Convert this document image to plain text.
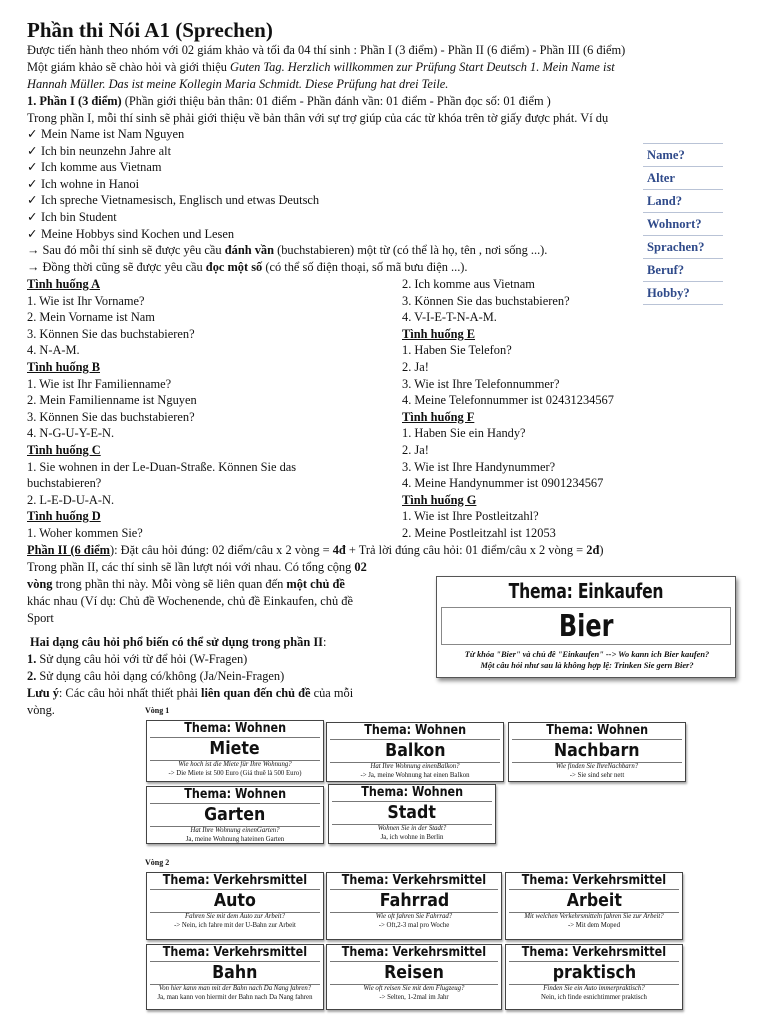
Phần thi Nói A1 (Sprechen)
Được tiến hành theo nhóm với 02 giám khảo và tối đa 04 thí sinh : Phần I (3 điểm) - Phần II (6 điểm) - Phần III (6 điểm)
Một giám khảo sẽ chào hỏi và giới thiệu Guten Tag. Herzlich willkommen zur Prüfung Start Deutsch 1. Mein Name ist
Hannah Müller. Das ist meine Kollegin Maria Schmidt. Diese Prüfung hat drei Teile.
1. Phần I (3 điểm) (Phần giới thiệu bản thân: 01 điểm - Phần đánh vần: 01 điểm - Phần đọc số: 01 điểm )
Trong phần I, mỗi thí sinh sẽ phải giới thiệu về bản thân với sự trợ giúp của các từ khóa trên tờ giấy được phát. Ví dụ
✓ Mein Name ist Nam Nguyen
✓ Ich bin neunzehn Jahre alt
✓ Ich komme aus Vietnam
✓ Ich wohne in Hanoi
✓ Ich spreche Vietnamesisch, Englisch und etwas Deutsch
✓ Ich bin Student
✓ Meine Hobbys sind Kochen und Lesen
→ Sau đó mỗi thí sinh sẽ được yêu cầu đánh vần (buchstabieren) một từ (có thể là họ, tên , nơi sống ...).
→ Đồng thời cũng sẽ được yêu cầu đọc một số (có thể số điện thoại, số mã bưu điện ...).
Name?
Alter
Land?
Wohnort?
Sprachen?
Beruf?
Hobby?
Tình huống A
1. Wie ist Ihr Vorname?
2. Mein Vorname ist Nam
3. Können Sie das buchstabieren?
4. N-A-M.
Tình huống B
1. Wie ist Ihr Familienname?
2. Mein Familienname ist Nguyen
3. Können Sie das buchstabieren?
4. N-G-U-Y-E-N.
Tình huống C
1. Sie wohnen in der Le-Duan-Straße. Können Sie das
buchstabieren?
2. L-E-D-U-A-N.
Tình huống D
1. Woher kommen Sie?
2. Ich komme aus Vietnam
3. Können Sie das buchstabieren?
4. V-I-E-T-N-A-M.
Tình huống E
1. Haben Sie Telefon?
2. Ja!
3. Wie ist Ihre Telefonnummer?
4. Meine Telefonnummer ist 02431234567
Tình huống F
1. Haben Sie ein Handy?
2. Ja!
3. Wie ist Ihre Handynummer?
4. Meine Handynummer ist 0901234567
Tình huống G
1. Wie ist Ihre Postleitzahl?
2. Meine Postleitzahl ist 12053
Phần II (6 điểm): Đặt câu hỏi đúng: 02 điểm/câu x 2 vòng = 4đ + Trả lời đúng câu hỏi: 01 điểm/câu x 2 vòng = 2đ)
Trong phần II, các thí sinh sẽ lần lượt nói với nhau. Có tổng cộng 02
vòng trong phần thi này. Mỗi vòng sẽ liên quan đến một chủ đề
khác nhau (Ví dụ: Chủ đề Wochenende, chủ đề Einkaufen, chủ đề
Sport
Hai dạng câu hỏi phổ biến có thể sử dụng trong phần II:
1. Sử dụng câu hỏi với từ để hỏi (W-Fragen)
2. Sử dụng câu hỏi dạng có/không (Ja/Nein-Fragen)
Lưu ý: Các câu hỏi nhất thiết phải liên quan đến chủ đề của mỗi
vòng.
Thema: Einkaufen
Bier
Từ khóa "Bier" và chủ đề "Einkaufen" --> Wo kann ich Bier kaufen?
Một câu hỏi như sau là không hợp lệ: Trinken Sie gern Bier?
Vòng 1
Thema: Wohnen
Miete
Wie hoch ist die Miete für Ihre Wohnung?
-> Die Miete ist 500 Euro (Giá thuê là 500 Euro)
Thema: Wohnen
Balkon
Hat Ihre Wohnung einenBalkon?
-> Ja, meine Wohnung hat einen Balkon
Thema: Wohnen
Nachbarn
Wie finden Sie IhreNachbarn?
-> Sie sind sehr nett
Thema: Wohnen
Garten
Hat Ihre Wohnung einenGarten?
Ja, meine Wohnung hateinen Garten
Thema: Wohnen
Stadt
Wohnen Sie in der Stadt?
Ja, ich wohne in Berlin
Vòng 2
Thema: Verkehrsmittel
Auto
Fahren Sie mit dem Auto zur Arbeit?
-> Nein, ich fahre mit der U-Bahn zur Arbeit
Thema: Verkehrsmittel
Fahrrad
Wie oft fahren Sie Fahrrad?
-> Oft,2-3 mal pro Woche
Thema: Verkehrsmittel
Arbeit
Mit welchen Verkehrsmitteln fahren Sie zur Arbeit?
-> Mit dem Moped
Thema: Verkehrsmittel
Bahn
Von hier kann man mit der Bahn nach Da Nang fahren?
Ja, man kann von hiermit der Bahn nach Da Nang fahren
Thema: Verkehrsmittel
Reisen
Wie oft reisen Sie mit dem Flugzeug?
-> Selten, 1-2mal im Jahr
Thema: Verkehrsmittel
praktisch
Finden Sie ein Auto immerpraktisch?
Nein, ich finde esnichtimmer praktisch
